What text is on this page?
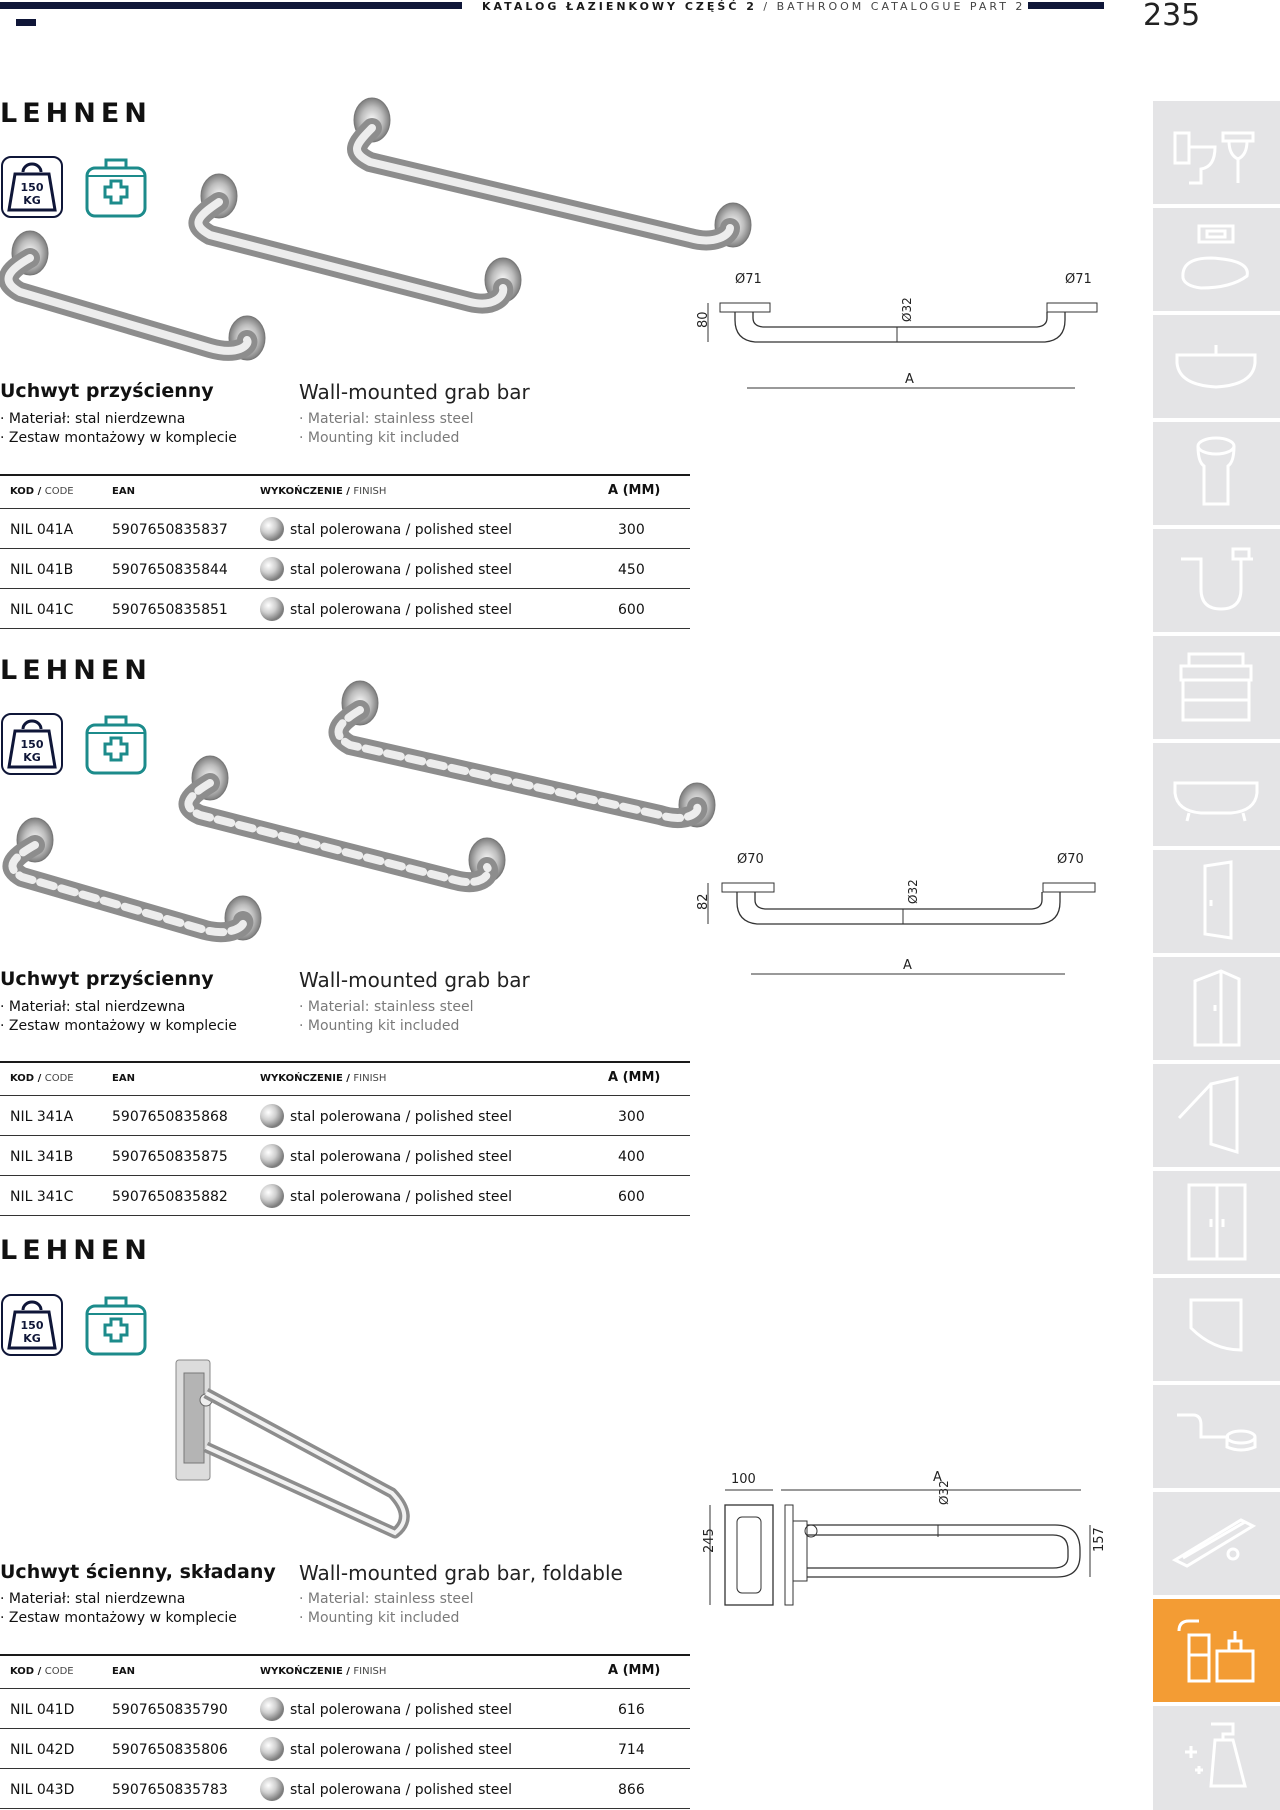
KATALOG ŁAZIENKOWY CZĘŚĆ 2 / BATHROOM CATALOGUE PART 2	235
LEHNEN
150
KG
Ø71	Ø71
80	Ø32
A
Uchwyt przyścienny	Wall-mounted grab bar
· Materiał: stal nierdzewna
· Zestaw montażowy w komplecie
· Material: stainless steel
· Mounting kit included
KOD / CODE	EAN	WYKOŃCZENIE / FINISH	A (MM)
NIL 041A	5907650835837	stal polerowana / polished steel	300
NIL 041B	5907650835844	stal polerowana / polished steel	450
NIL 041C	5907650835851	stal polerowana / polished steel	600
LEHNEN
150
KG
Ø70	Ø70
82	Ø32
A
Uchwyt przyścienny	Wall-mounted grab bar
· Materiał: stal nierdzewna
· Zestaw montażowy w komplecie
· Material: stainless steel
· Mounting kit included
KOD / CODE	EAN	WYKOŃCZENIE / FINISH	A (MM)
NIL 341A	5907650835868	stal polerowana / polished steel	300
NIL 341B	5907650835875	stal polerowana / polished steel	400
NIL 341C	5907650835882	stal polerowana / polished steel	600
LEHNEN
150
KG
100	A
245
Ø32
157
Uchwyt ścienny, składany Wall-mounted grab bar, foldable
· Materiał: stal nierdzewna
· Zestaw montażowy w komplecie
· Material: stainless steel
· Mounting kit included
KOD / CODE	EAN	WYKOŃCZENIE / FINISH	A (MM)
NIL 041D	5907650835790	stal polerowana / polished steel	616
NIL 042D	5907650835806	stal polerowana / polished steel	714
NIL 043D	5907650835783	stal polerowana / polished steel	866
